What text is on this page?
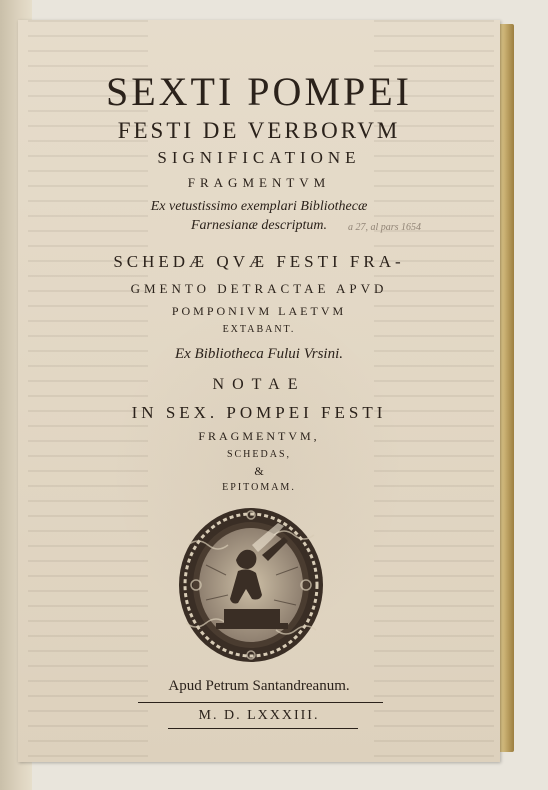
SEXTI POMPEI
FESTI DE VERBORVM
SIGNIFICATIONE
FRAGMENTVM
Ex vetustissimo exemplari Bibliothecæ
Farnesianæ descriptum.	a 27, al pars 1654
SCHEDÆ QVÆ FESTI FRA-
GMENTO DETRACTAE APVD
POMPONIVM LAETVM
EXTABANT.
Ex Bibliotheca Fului Vrsini.
NOTAE
IN SEX. POMPEI FESTI
FRAGMENTVM,
SCHEDAS,
&
EPITOMAM.
Apud Petrum Santandreanum.
M. D. LXXXIII.
